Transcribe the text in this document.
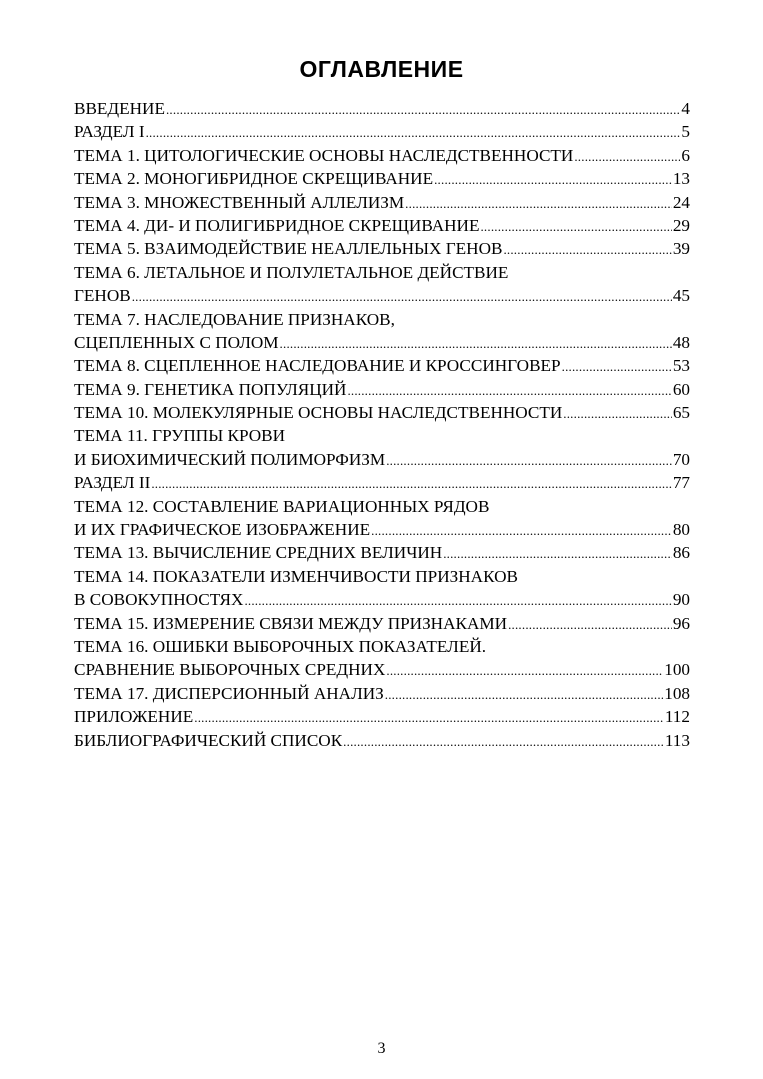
ОГЛАВЛЕНИЕ
ВВЕДЕНИЕ .....	4
РАЗДЕЛ I .....	5
ТЕМА 1. ЦИТОЛОГИЧЕСКИЕ ОСНОВЫ НАСЛЕДСТВЕННОСТИ .....	6
ТЕМА 2. МОНОГИБРИДНОЕ СКРЕЩИВАНИЕ .....	13
ТЕМА 3. МНОЖЕСТВЕННЫЙ АЛЛЕЛИЗМ .....	24
ТЕМА 4. ДИ- И ПОЛИГИБРИДНОЕ СКРЕЩИВАНИЕ .....	29
ТЕМА 5. ВЗАИМОДЕЙСТВИЕ НЕАЛЛЕЛЬНЫХ ГЕНОВ .....	39
ТЕМА 6. ЛЕТАЛЬНОЕ И ПОЛУЛЕТАЛЬНОЕ ДЕЙСТВИЕ
ГЕНОВ .....	45
ТЕМА 7. НАСЛЕДОВАНИЕ ПРИЗНАКОВ,
СЦЕПЛЕННЫХ С ПОЛОМ .....	48
ТЕМА 8. СЦЕПЛЕННОЕ НАСЛЕДОВАНИЕ И КРОССИНГОВЕР .....	53
ТЕМА 9. ГЕНЕТИКА ПОПУЛЯЦИЙ .....	60
ТЕМА 10. МОЛЕКУЛЯРНЫЕ ОСНОВЫ НАСЛЕДСТВЕННОСТИ .....	65
ТЕМА 11. ГРУППЫ КРОВИ
И БИОХИМИЧЕСКИЙ ПОЛИМОРФИЗМ .....	70
РАЗДЕЛ II .....	77
ТЕМА 12. СОСТАВЛЕНИЕ ВАРИАЦИОННЫХ РЯДОВ
И ИХ ГРАФИЧЕСКОЕ ИЗОБРАЖЕНИЕ .....	80
ТЕМА 13. ВЫЧИСЛЕНИЕ СРЕДНИХ ВЕЛИЧИН .....	86
ТЕМА 14. ПОКАЗАТЕЛИ ИЗМЕНЧИВОСТИ ПРИЗНАКОВ
В СОВОКУПНОСТЯХ .....	90
ТЕМА 15. ИЗМЕРЕНИЕ СВЯЗИ МЕЖДУ ПРИЗНАКАМИ .....	96
ТЕМА 16. ОШИБКИ ВЫБОРОЧНЫХ ПОКАЗАТЕЛЕЙ.
СРАВНЕНИЕ ВЫБОРОЧНЫХ СРЕДНИХ .....	100
ТЕМА 17. ДИСПЕРСИОННЫЙ АНАЛИЗ .....	108
ПРИЛОЖЕНИЕ .....	112
БИБЛИОГРАФИЧЕСКИЙ СПИСОК .....	113
3
